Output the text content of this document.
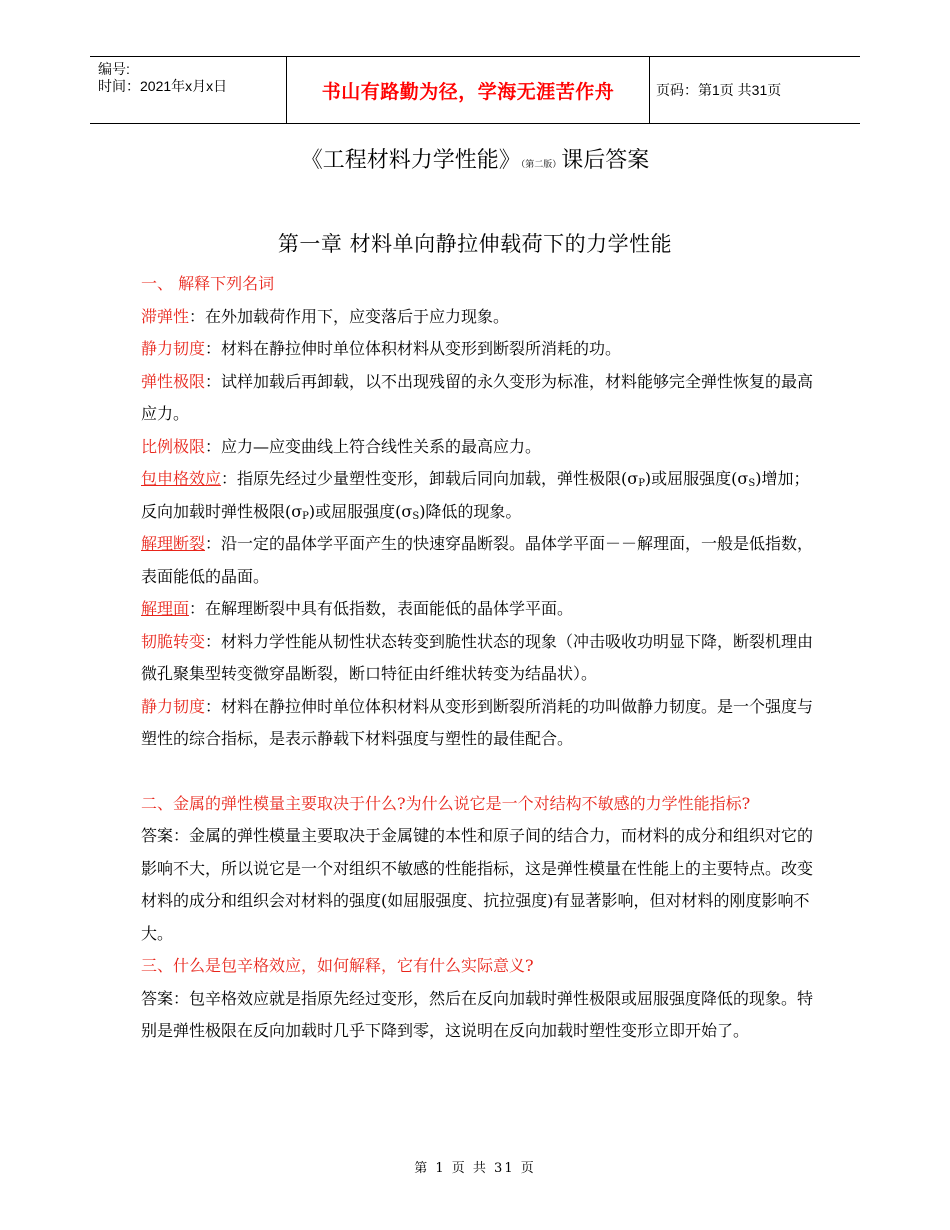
编号:
时间：2021年x月x日	书山有路勤为径，学海无涯苦作舟	页码：第1页 共31页
《工程材料力学性能》（第二版）课后答案
第一章 材料单向静拉伸载荷下的力学性能

一、 解释下列名词

滞弹性：在外加载荷作用下，应变落后于应力现象。

静力韧度：材料在静拉伸时单位体积材料从变形到断裂所消耗的功。

弹性极限：试样加载后再卸载，以不出现残留的永久变形为标准，材料能够完全弹性恢复的最高应力。

比例极限：应力—应变曲线上符合线性关系的最高应力。

包申格效应：指原先经过少量塑性变形，卸载后同向加载，弹性极限$(\sigma_P)$或屈服强度$(\sigma_S)$增加；反向加载时弹性极限$(\sigma_P)$或屈服强度$(\sigma_S)$降低的现象。

解理断裂：沿一定的晶体学平面产生的快速穿晶断裂。晶体学平面－－解理面，一般是低指数，表面能低的晶面。

解理面：在解理断裂中具有低指数，表面能低的晶体学平面。

韧脆转变：材料力学性能从韧性状态转变到脆性状态的现象（冲击吸收功明显下降，断裂机理由微孔聚集型转变微穿晶断裂，断口特征由纤维状转变为结晶状）。

静力韧度：材料在静拉伸时单位体积材料从变形到断裂所消耗的功叫做静力韧度。是一个强度与塑性的综合指标，是表示静载下材料强度与塑性的最佳配合。

二、金属的弹性模量主要取决于什么?为什么说它是一个对结构不敏感的力学性能指标?

答案：金属的弹性模量主要取决于金属键的本性和原子间的结合力，而材料的成分和组织对它的影响不大，所以说它是一个对组织不敏感的性能指标，这是弹性模量在性能上的主要特点。改变材料的成分和组织会对材料的强度(如屈服强度、抗拉强度)有显著影响，但对材料的刚度影响不大。

三、什么是包辛格效应，如何解释，它有什么实际意义?

答案：包辛格效应就是指原先经过变形，然后在反向加载时弹性极限或屈服强度降低的现象。特别是弹性极限在反向加载时几乎下降到零，这说明在反向加载时塑性变形立即开始了。

第 1 页 共 31 页
